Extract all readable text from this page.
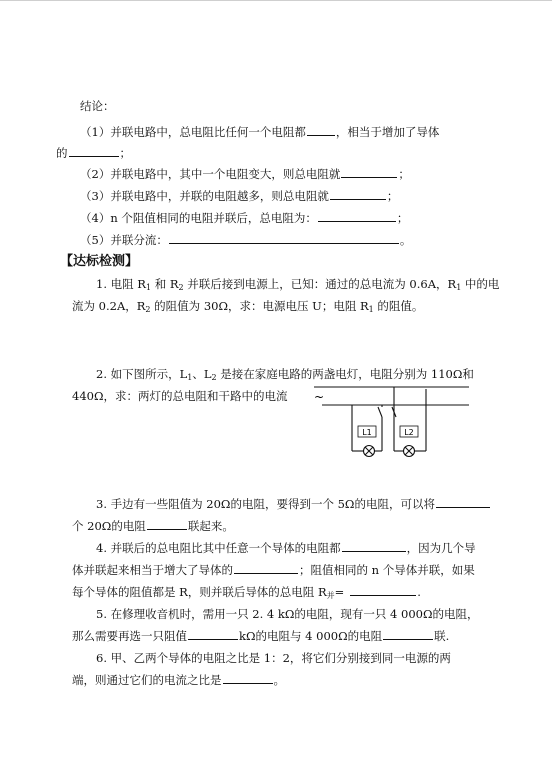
结论：
（1）并联电路中，总电阻比任何一个电阻都	，相当于增加了导体
的	；
（2）并联电路中，其中一个电阻变大，则总电阻就	；
（3）并联电路中，并联的电阻越多，则总电阻就	；
（4）n 个阻值相同的电阻并联后，总电阻为：	；
（5）并联分流：	。
【达标检测】
1. 电阻 $R_1$ 和 $R_2$ 并联后接到电源上，已知：通过的总电流为 0.6A，$R_1$ 中的电
流为 0.2A，$R_2$ 的阻值为 30Ω，求：电源电压 U；电阻 $R_1$ 的阻值。
2. 如下图所示，$L_1$、$L_2$ 是接在家庭电路的两盏电灯，电阻分别为 110Ω和
440Ω，求：两灯的总电阻和干路中的电流
L1	L2
~
3. 手边有一些阻值为 20Ω的电阻，要得到一个 5Ω的电阻，可以将
个 20Ω的电阻	联起来。
4. 并联后的总电阻比其中任意一个导体的电阻都	，因为几个导
体并联起来相当于增大了导体的	；阻值相同的 n 个导体并联，如果
每个导体的阻值都是 R，则并联后导体的总电阻 $R_并=$	.
5. 在修理收音机时，需用一只 2. 4 kΩ的电阻，现有一只 4 000Ω的电阻，
那么需要再选一只阻值	kΩ的电阻与 4 000Ω的电阻	联.
6. 甲、乙两个导体的电阻之比是 1：2，将它们分别接到同一电源的两
端，则通过它们的电流之比是	。
